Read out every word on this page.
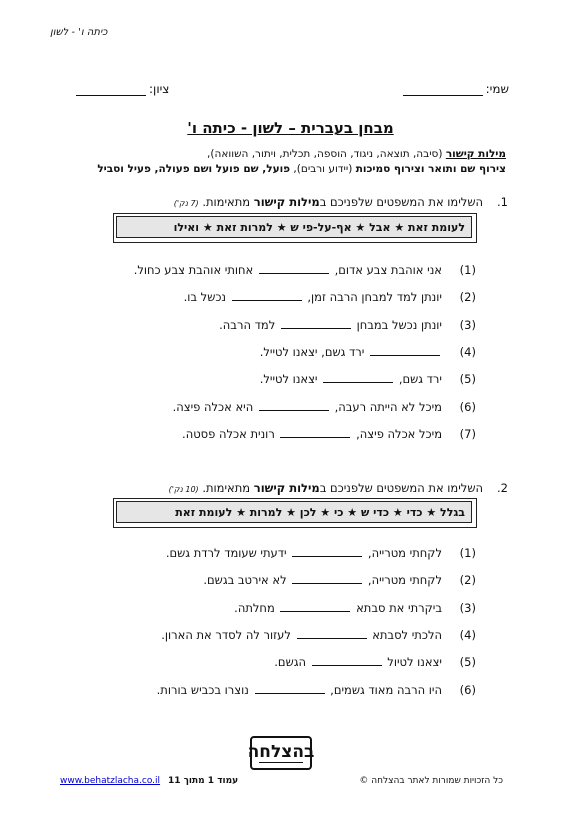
כיתה ו' - לשון
שמי:
ציון:
מבחן בעברית – לשון - כיתה ו'
מילות קישור (סיבה, תוצאה, ניגוד, הוספה, תכלית, ויתור, השוואה),
צירוף שם ותואר וצירוף סמיכות (יידוע ורבים), פועל, שם פועל ושם פעולה, פעיל וסביל
1.
השלימו את המשפטים שלפניכם במילות קישור מתאימות. (7 נק')
לעומת זאת ★ אבל ★ אף-על-פי ש ★ למרות זאת ★ ואילו
(1)
אני אוהבת צבע אדום,  אחותי אוהבת צבע כחול.
(2)
יונתן למד למבחן הרבה זמן,  נכשל בו.
(3)
יונתן נכשל במבחן  למד הרבה.
(4)
ירד גשם, יצאנו לטייל.
(5)
ירד גשם,  יצאנו לטייל.
(6)
מיכל לא הייתה רעבה,  היא אכלה פיצה.
(7)
מיכל אכלה פיצה,  רונית אכלה פסטה.
2.
השלימו את המשפטים שלפניכם במילות קישור מתאימות. (10 נק')
בגלל ★ כדי ★ כדי ש ★ כי ★ לכן ★ למרות ★ לעומת זאת
(1)
לקחתי מטרייה,  ידעתי שעומד לרדת גשם.
(2)
לקחתי מטרייה,  לא אירטב בגשם.
(3)
ביקרתי את סבתא  מחלתה.
(4)
הלכתי לסבתא  לעזור לה לסדר את הארון.
(5)
יצאנו לטיול  הגשם.
(6)
היו הרבה מאוד גשמים,  נוצרו בכביש בורות.
בהצלחה
כל הזכויות שמורות לאתר בהצלחה ©
עמוד 1 מתוך 11
www.behatzlacha.co.il
